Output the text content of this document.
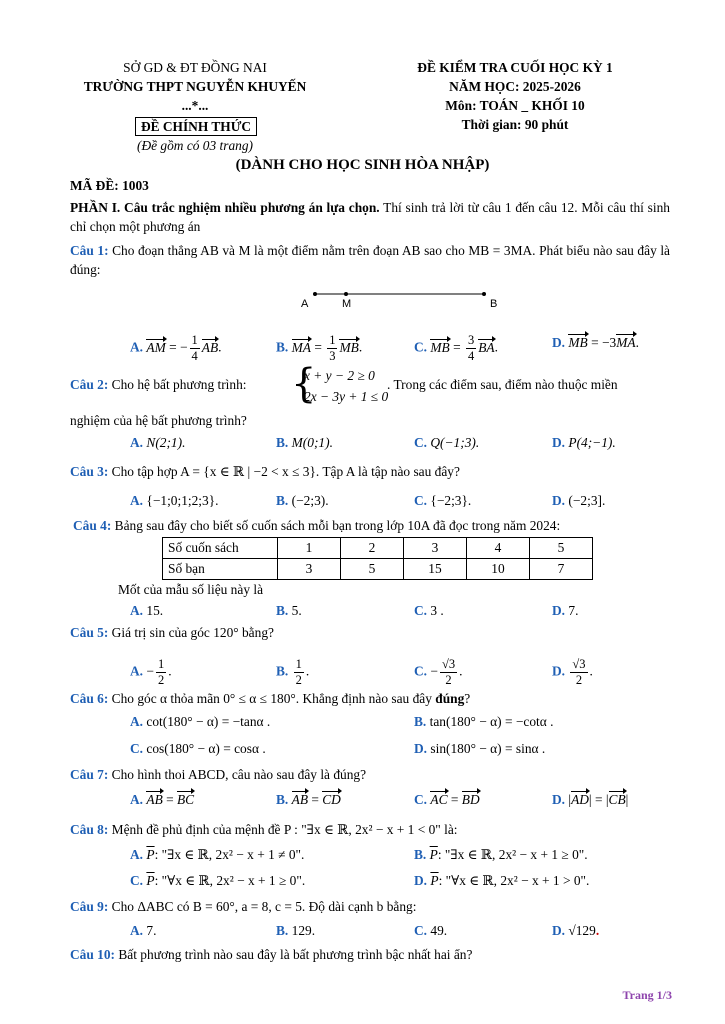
SỞ GD & ĐT ĐỒNG NAI
TRƯỜNG THPT NGUYỄN KHUYẾN
...*...
ĐỀ CHÍNH THỨC
(Đề gồm có 03 trang)
ĐỀ KIỂM TRA CUỐI HỌC KỲ 1
NĂM HỌC: 2025-2026
Môn: TOÁN _ KHỐI 10
Thời gian: 90 phút
(DÀNH CHO HỌC SINH HÒA NHẬP)
MÃ ĐỀ: 1003
PHẦN I. Câu trắc nghiệm nhiều phương án lựa chọn. Thí sinh trả lời từ câu 1 đến câu 12. Mỗi câu thí sinh chỉ chọn một phương án
Câu 1: Cho đoạn thẳng AB và M là một điểm nằm trên đoạn AB sao cho MB = 3MA. Phát biểu nào sau đây là đúng:
A	M	B
A. AM = − $\frac{1}{4}$ AB.	B. MA = $\frac{1}{3}$ MB.	C. MB = $\frac{3}{4}$ BA.	D. MB = −3MA.
Câu 2: Cho hệ bất phương trình: {
x + y − 2 ≥ 0
2x − 3y + 1 ≤ 0
. Trong các điểm sau, điểm nào thuộc miền
nghiệm của hệ bất phương trình?
A. N(2;1).	B. M(0;1).	C. Q(−1;3).	D. P(4;−1).
Câu 3: Cho tập hợp A = {x ∈ ℝ | −2 < x ≤ 3}. Tập A là tập nào sau đây?
A. {−1;0;1;2;3}.	B. (−2;3).	C. {−2;3}.	D. (−2;3].
Câu 4: Bảng sau đây cho biết số cuốn sách mỗi bạn trong lớp 10A đã đọc trong năm 2024:
Số cuốn sách	1	2	3	4	5
Số bạn	3	5	15	10	7
Mốt của mẫu số liệu này là
A. 15.	B. 5.	C. 3 .	D. 7.
Câu 5: Giá trị sin của góc 120° bằng?
A. − $\frac{1}{2}$ .	B. $\frac{1}{2}$ .	C. − $\frac{√3}{2}$ .	D. $\frac{√3}{2}$ .
Câu 6: Cho góc α thỏa mãn 0° ≤ α ≤ 180°. Khẳng định nào sau đây đúng?
A. cot(180° − α) = −tanα .	B. tan(180° − α) = −cotα .
C. cos(180° − α) = cosα .	D. sin(180° − α) = sinα .
Câu 7: Cho hình thoi ABCD, câu nào sau đây là đúng?
A. AB = BC	B. AB = CD	C. AC = BD	D. |AD| = |CB|
Câu 8: Mệnh đề phủ định của mệnh đề P : "∃x ∈ ℝ, 2x² − x + 1 < 0" là:
A. $\overline{P}$: "∃x ∈ ℝ, 2x² − x + 1 ≠ 0".	B. $\overline{P}$: "∃x ∈ ℝ, 2x² − x + 1 ≥ 0".
C. $\overline{P}$: "∀x ∈ ℝ, 2x² − x + 1 ≥ 0".	D. $\overline{P}$: "∀x ∈ ℝ, 2x² − x + 1 > 0".
Câu 9: Cho ΔABC có B = 60°, a = 8, c = 5. Độ dài cạnh b bằng:
A. 7.	B. 129.	C. 49.	D. √129.
Câu 10: Bất phương trình nào sau đây là bất phương trình bậc nhất hai ẩn?
Trang 1/3
